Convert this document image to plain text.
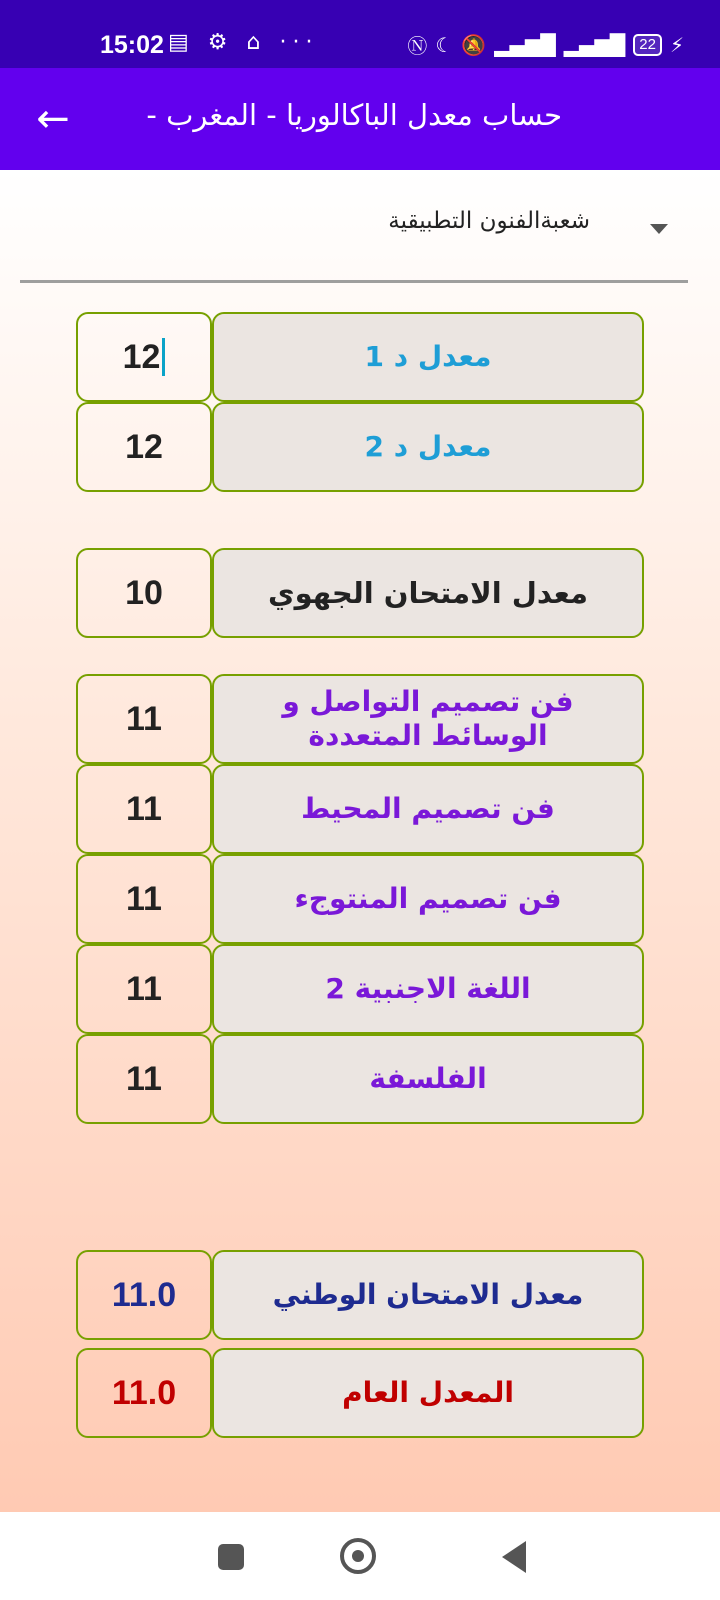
15:02 ▤ ⚙ ⌂ ···	Ⓝ ☾ 🔕 ▂▄▆█ ▂▄▆█ 22 ⚡
←	حساب معدل الباكالوريا - المغرب -
شعبةالفنون التطبيقية
12	معدل د 1
12	معدل د 2
10	معدل الامتحان الجهوي
11	فن تصميم التواصل و الوسائط المتعددة
11	فن تصميم المحيط
11	فن تصميم المنتوجء
11	اللغة الاجنبية 2
11	الفلسفة
11.0	معدل الامتحان الوطني
11.0	المعدل العام
